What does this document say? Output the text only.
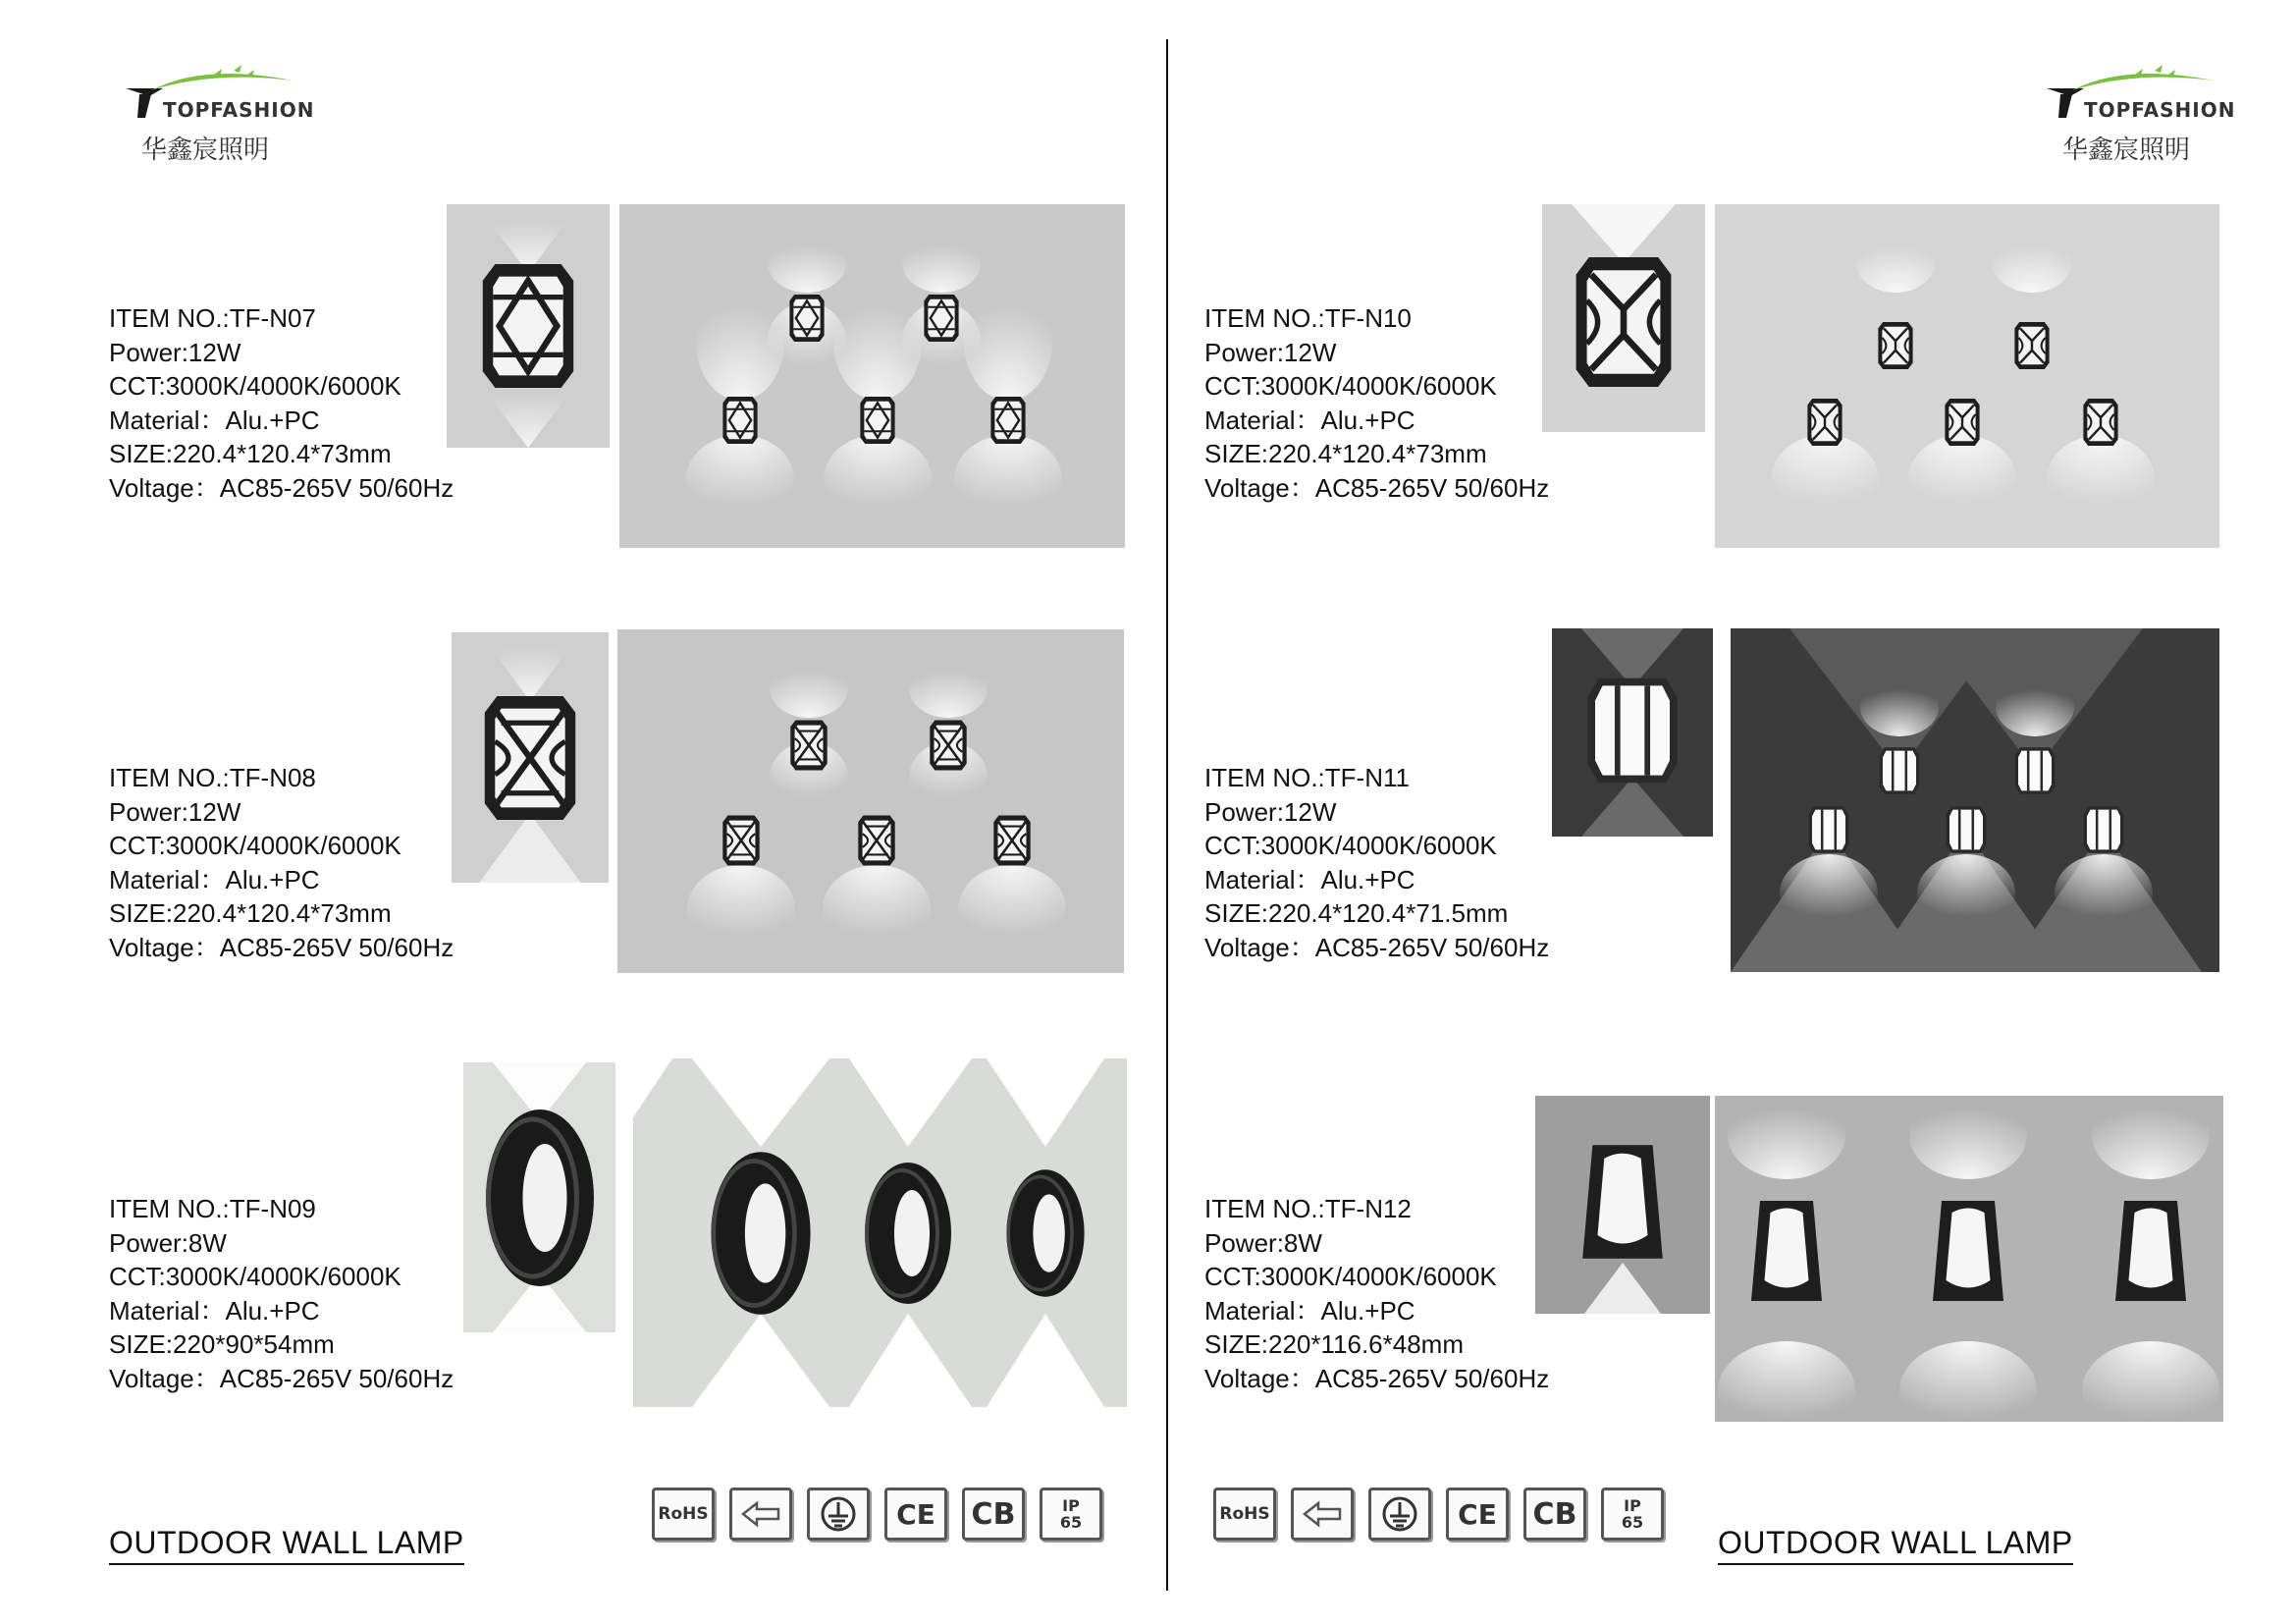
TOPFASHION
华鑫宸照明
TOPFASHION
华鑫宸照明
ITEM NO.:TF-N07
Power:12W
CCT:3000K/4000K/6000K
Material：Alu.+PC
SIZE:220.4*120.4*73mm
Voltage：AC85-265V 50/60Hz
ITEM NO.:TF-N08
Power:12W
CCT:3000K/4000K/6000K
Material：Alu.+PC
SIZE:220.4*120.4*73mm
Voltage：AC85-265V 50/60Hz
ITEM NO.:TF-N09
Power:8W
CCT:3000K/4000K/6000K
Material：Alu.+PC
SIZE:220*90*54mm
Voltage：AC85-265V 50/60Hz
ITEM NO.:TF-N10
Power:12W
CCT:3000K/4000K/6000K
Material：Alu.+PC
SIZE:220.4*120.4*73mm
Voltage：AC85-265V 50/60Hz
ITEM NO.:TF-N11
Power:12W
CCT:3000K/4000K/6000K
Material：Alu.+PC
SIZE:220.4*120.4*71.5mm
Voltage：AC85-265V 50/60Hz
ITEM NO.:TF-N12
Power:8W
CCT:3000K/4000K/6000K
Material：Alu.+PC
SIZE:220*116.6*48mm
Voltage：AC85-265V 50/60Hz
OUTDOOR WALL LAMP
RoHS	CE CB	IP 65	RoHS	CE CB	IP 65
OUTDOOR WALL LAMP
